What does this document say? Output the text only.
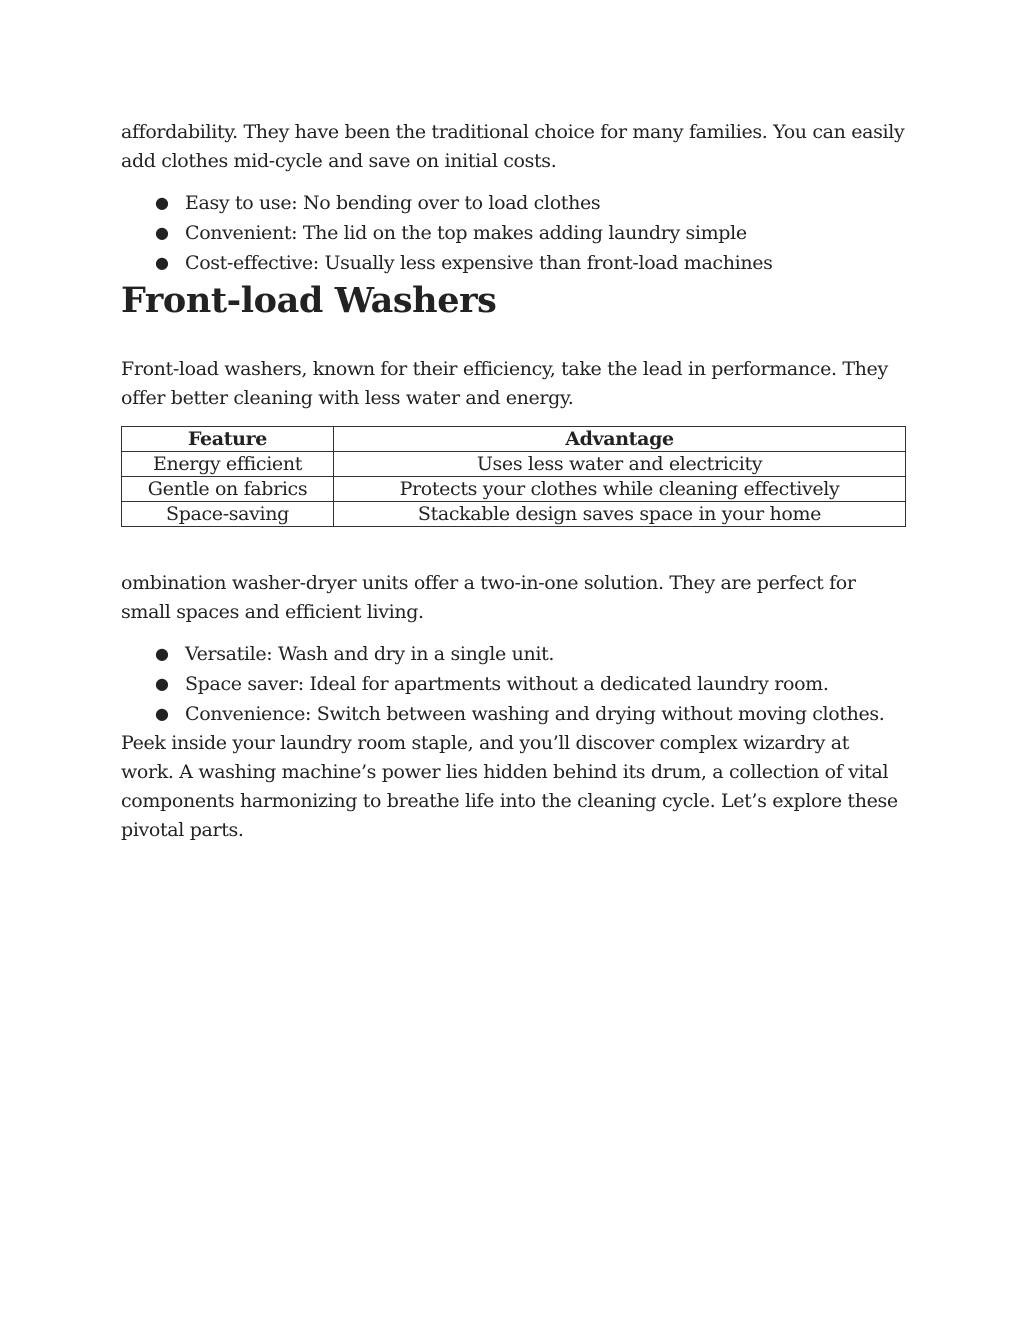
affordability. They have been the traditional choice for many families. You can easily add clothes mid-cycle and save on initial costs.

● Easy to use: No bending over to load clothes
● Convenient: The lid on the top makes adding laundry simple
● Cost-effective: Usually less expensive than front-load machines
Front-load Washers

Front-load washers, known for their efficiency, take the lead in performance. They offer better cleaning with less water and energy.

Feature	Advantage
Energy efficient	Uses less water and electricity
Gentle on fabrics	Protects your clothes while cleaning effectively
Space-saving	Stackable design saves space in your home

ombination washer-dryer units offer a two-in-one solution. They are perfect for small spaces and efficient living.

● Versatile: Wash and dry in a single unit.
● Space saver: Ideal for apartments without a dedicated laundry room.
● Convenience: Switch between washing and drying without moving clothes.

Peek inside your laundry room staple, and you’ll discover complex wizardry at work. A washing machine’s power lies hidden behind its drum, a collection of vital components harmonizing to breathe life into the cleaning cycle. Let’s explore these pivotal parts.
